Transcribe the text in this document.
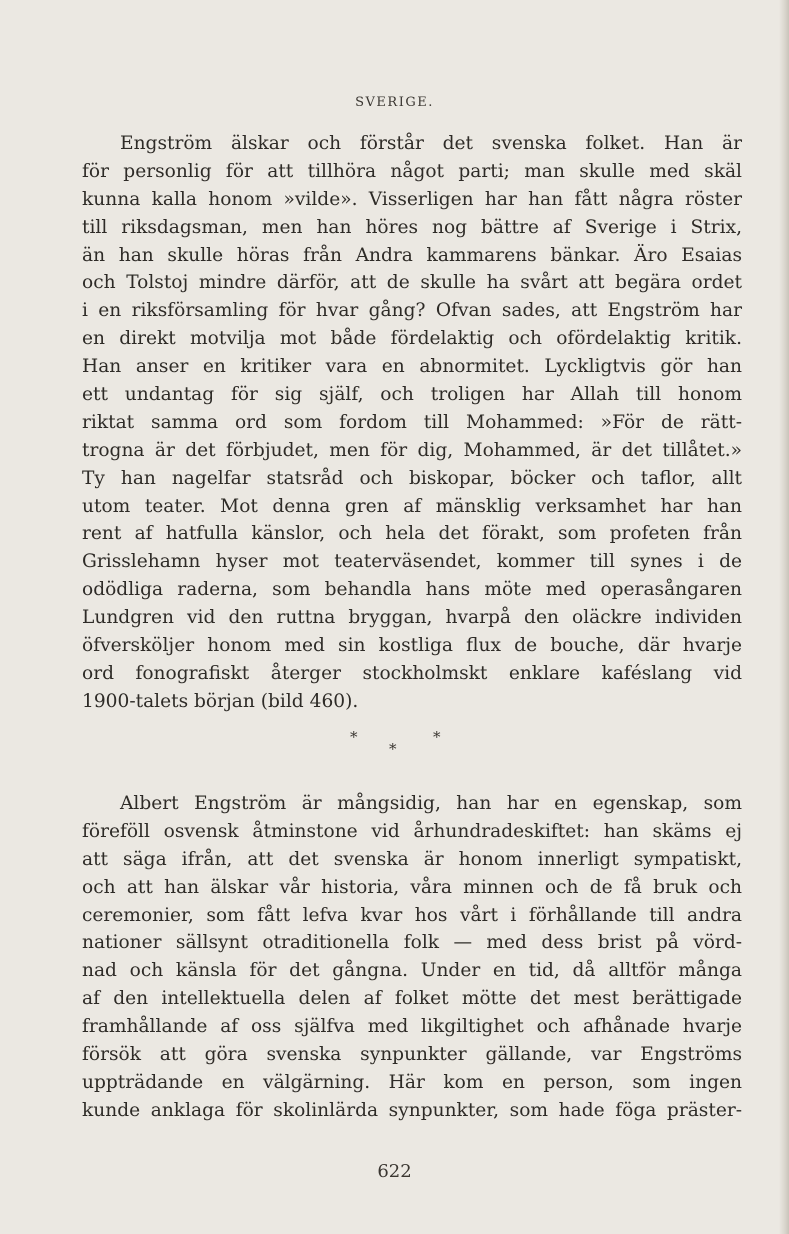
SVERIGE.
Engström älskar och förstår det svenska folket. Han är
för personlig för att tillhöra något parti; man skulle med skäl
kunna kalla honom »vilde». Visserligen har han fått några röster
till riksdagsman, men han höres nog bättre af Sverige i Strix,
än han skulle höras från Andra kammarens bänkar. Äro Esaias
och Tolstoj mindre därför, att de skulle ha svårt att begära ordet
i en riksförsamling för hvar gång? Ofvan sades, att Engström har
en direkt motvilja mot både fördelaktig och ofördelaktig kritik.
Han anser en kritiker vara en abnormitet. Lyckligtvis gör han
ett undantag för sig själf, och troligen har Allah till honom
riktat samma ord som fordom till Mohammed: »För de rätt-
trogna är det förbjudet, men för dig, Mohammed, är det tillåtet.»
Ty han nagelfar statsråd och biskopar, böcker och taflor, allt
utom teater. Mot denna gren af mänsklig verksamhet har han
rent af hatfulla känslor, och hela det förakt, som profeten från
Grisslehamn hyser mot teaterväsendet, kommer till synes i de
odödliga raderna, som behandla hans möte med operasångaren
Lundgren vid den ruttna bryggan, hvarpå den oläckre individen
öfversköljer honom med sin kostliga flux de bouche, där hvarje
ord fonografiskt återger stockholmskt enklare kaféslang vid
1900-talets början (bild 460).
*	*
*
Albert Engström är mångsidig, han har en egenskap, som
föreföll osvensk åtminstone vid århundradeskiftet: han skäms ej
att säga ifrån, att det svenska är honom innerligt sympatiskt,
och att han älskar vår historia, våra minnen och de få bruk och
ceremonier, som fått lefva kvar hos vårt i förhållande till andra
nationer sällsynt otraditionella folk — med dess brist på vörd-
nad och känsla för det gångna. Under en tid, då alltför många
af den intellektuella delen af folket mötte det mest berättigade
framhållande af oss själfva med likgiltighet och afhånade hvarje
försök att göra svenska synpunkter gällande, var Engströms
uppträdande en välgärning. Här kom en person, som ingen
kunde anklaga för skolinlärda synpunkter, som hade föga präster-
622
